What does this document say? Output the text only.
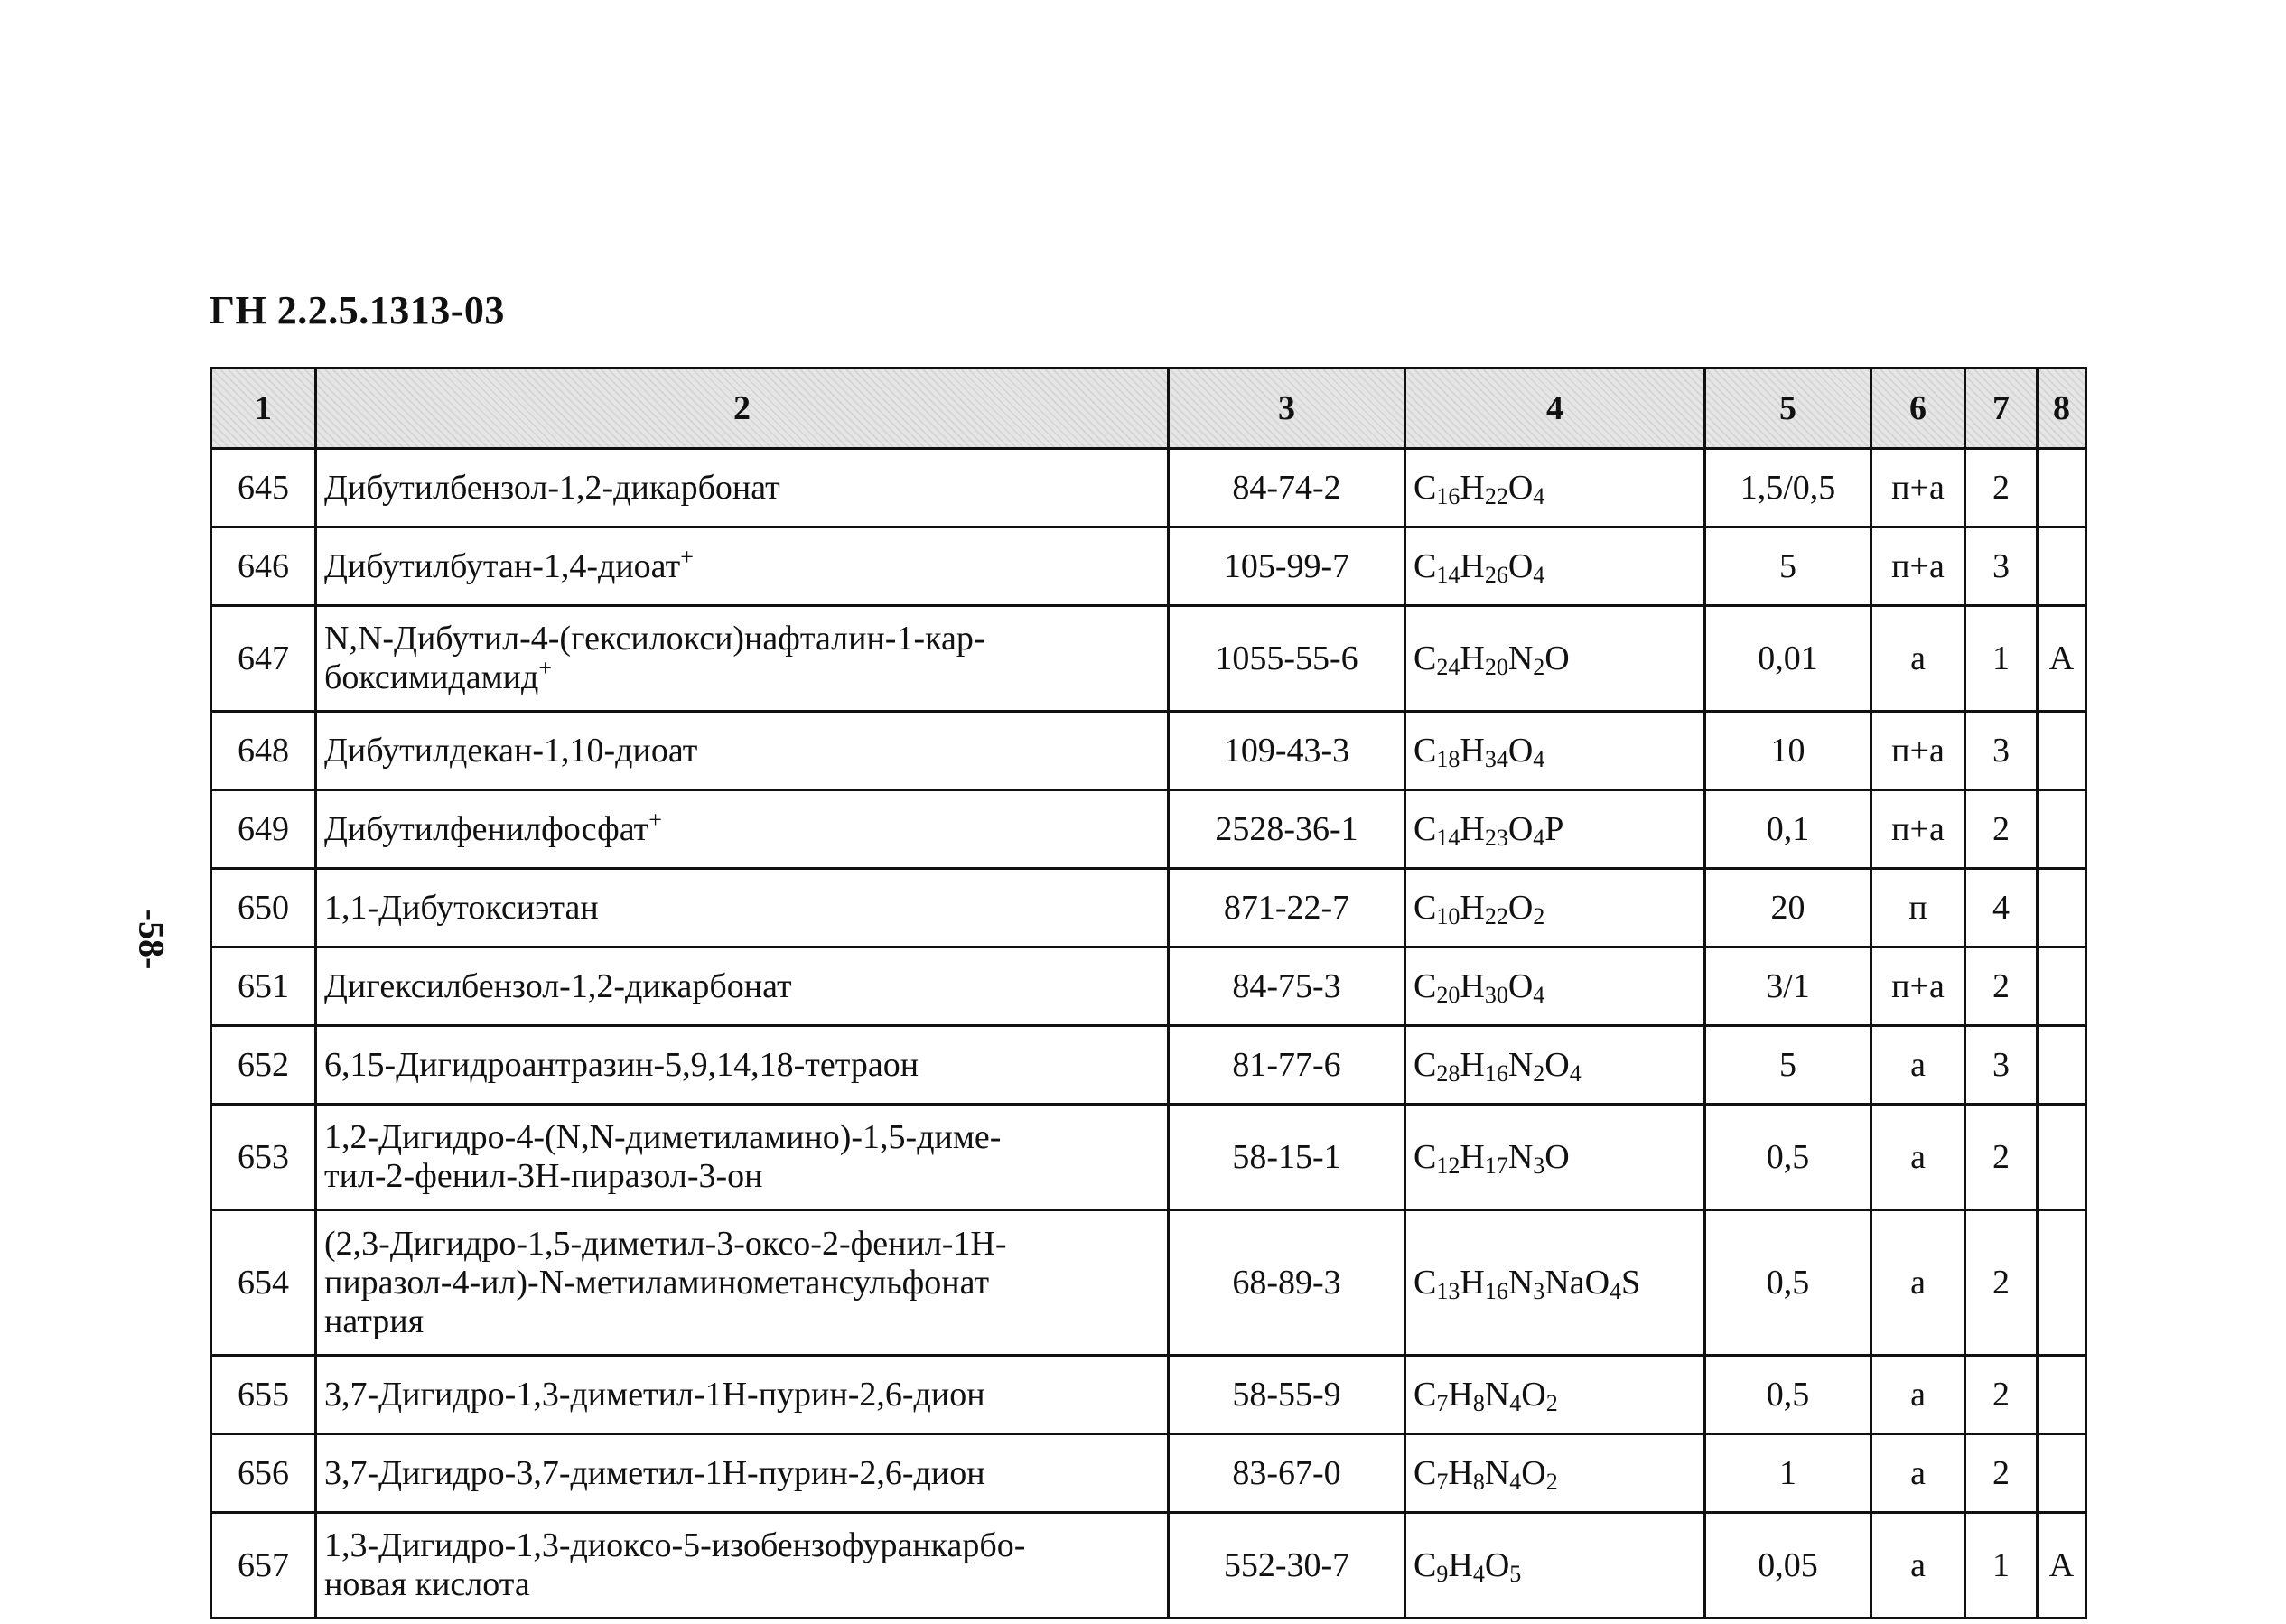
ГН 2.2.5.1313-03
-58-
1	2	3	4	5	6	7	8
645	Дибутилбензол-1,2-дикарбонат	84-74-2	$C_{16}H_{22}O_4$	1,5/0,5	п+а	2	
646	Дибутилбутан-1,4-диоат+	105-99-7	$C_{14}H_{26}O_4$	5	п+а	3	
647	N,N-Дибутил-4-(гексилокси)нафталин-1-кар-
боксимидамид+	1055-55-6	$C_{24}H_{20}N_2O$	0,01	а	1	А
648	Дибутилдекан-1,10-диоат	109-43-3	$C_{18}H_{34}O_4$	10	п+а	3	
649	Дибутилфенилфосфат+	2528-36-1	$C_{14}H_{23}O_4P$	0,1	п+а	2	
650	1,1-Дибутоксиэтан	871-22-7	$C_{10}H_{22}O_2$	20	п	4	
651	Дигексилбензол-1,2-дикарбонат	84-75-3	$C_{20}H_{30}O_4$	3/1	п+а	2	
652	6,15-Дигидроантразин-5,9,14,18-тетраон	81-77-6	$C_{28}H_{16}N_2O_4$	5	а	3	
653	1,2-Дигидро-4-(N,N-диметиламино)-1,5-диме-
тил-2-фенил-3Н-пиразол-3-он	58-15-1	$C_{12}H_{17}N_3O$	0,5	а	2	
654	(2,3-Дигидро-1,5-диметил-3-оксо-2-фенил-1Н-
пиразол-4-ил)-N-метиламинометансульфонат
натрия	68-89-3	$C_{13}H_{16}N_3NaO_4S$	0,5	а	2	
655	3,7-Дигидро-1,3-диметил-1Н-пурин-2,6-дион	58-55-9	$C_7H_8N_4O_2$	0,5	а	2	
656	3,7-Дигидро-3,7-диметил-1Н-пурин-2,6-дион	83-67-0	$C_7H_8N_4O_2$	1	а	2	
657	1,3-Дигидро-1,3-диоксо-5-изобензофуранкарбо-
новая кислота	552-30-7	$C_9H_4O_5$	0,05	а	1	А
